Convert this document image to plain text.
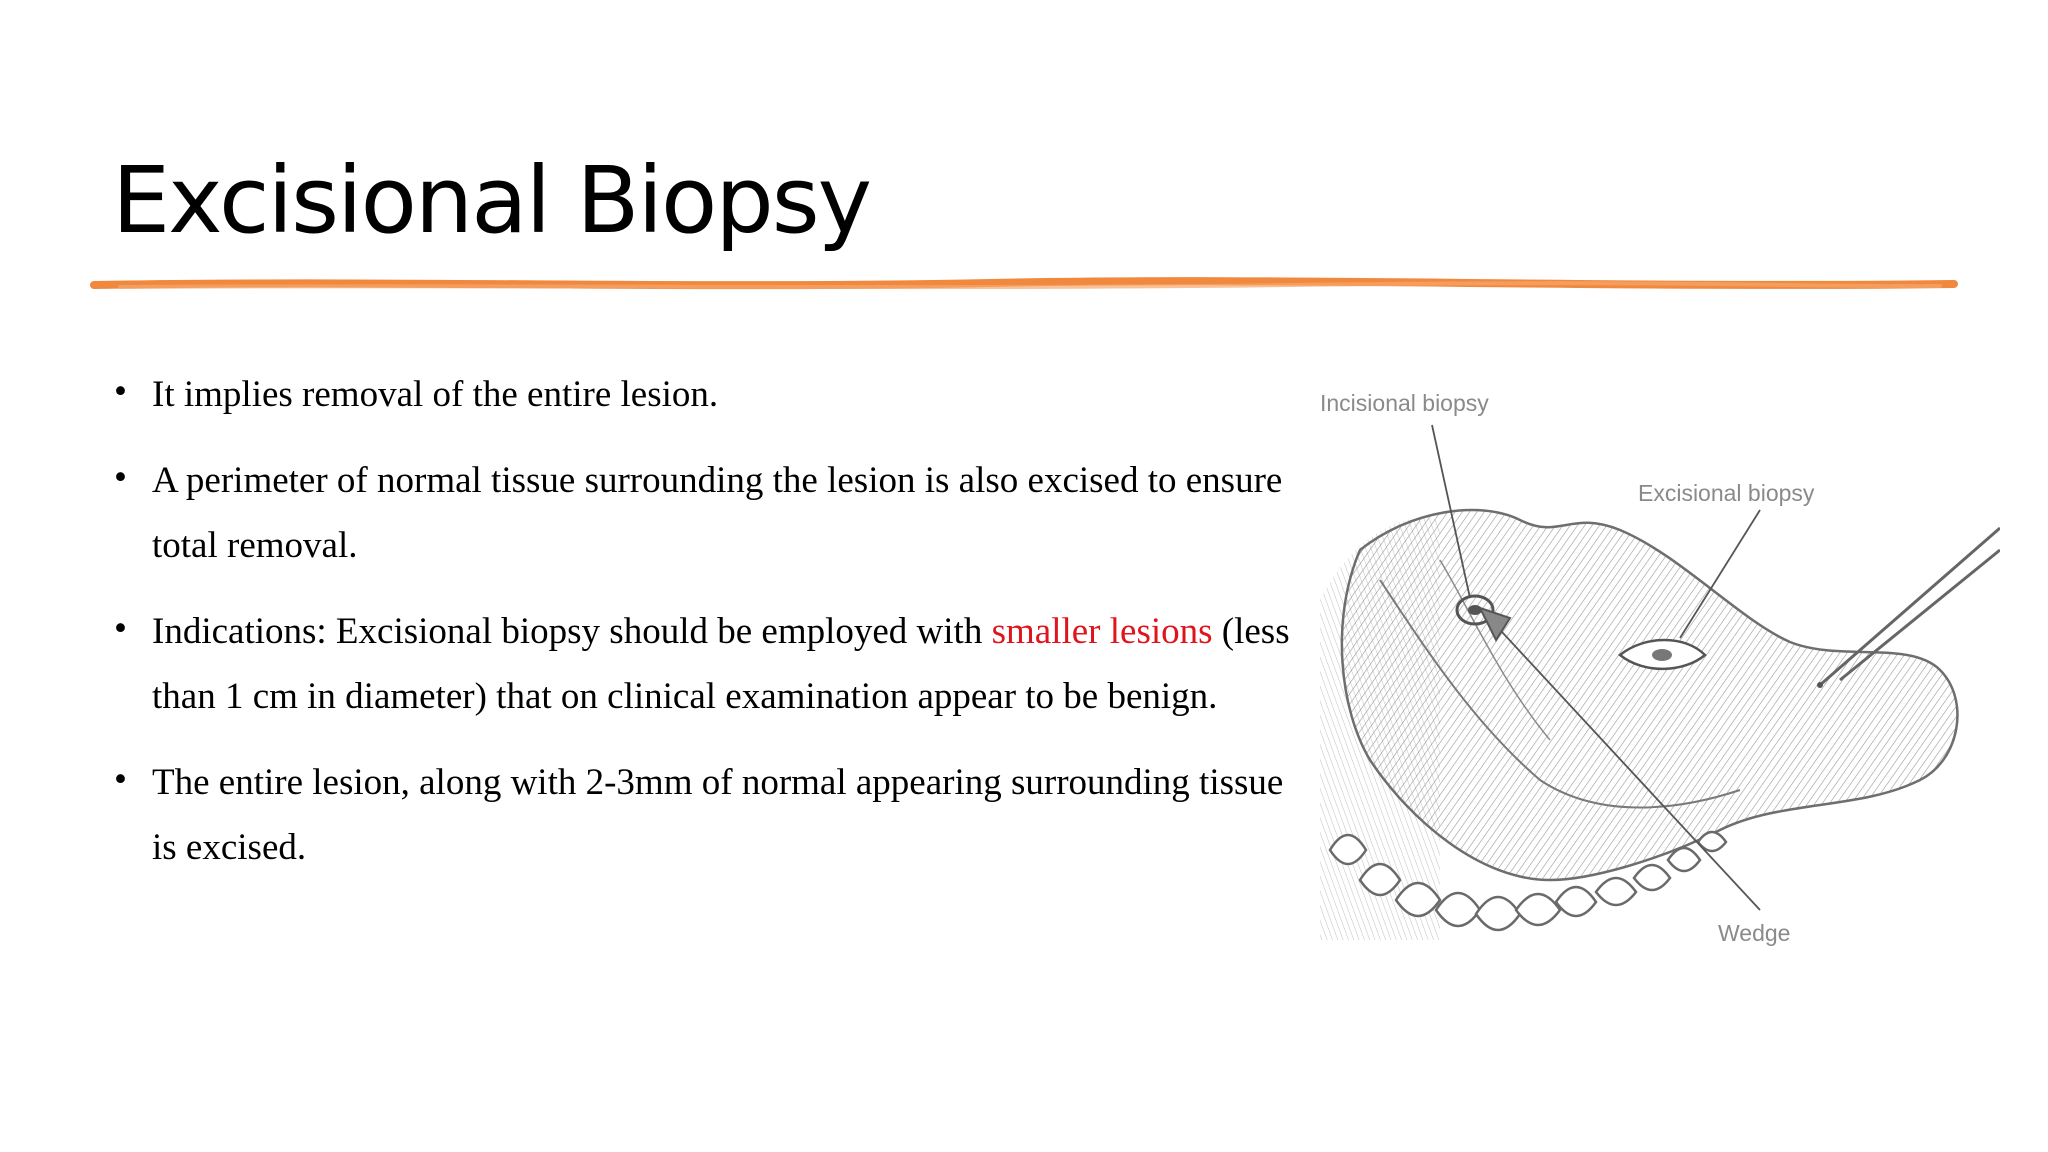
Excisional Biopsy
• It implies removal of the entire lesion.
• A perimeter of normal tissue surrounding the lesion is also excised to ensure total removal.
• Indications: Excisional biopsy should be employed with smaller lesions (less than 1 cm in diameter) that on clinical examination appear to be benign.
• The entire lesion, along with 2-3mm of normal appearing surrounding tissue is excised.
Incisional biopsy
Excisional biopsy
Wedge
